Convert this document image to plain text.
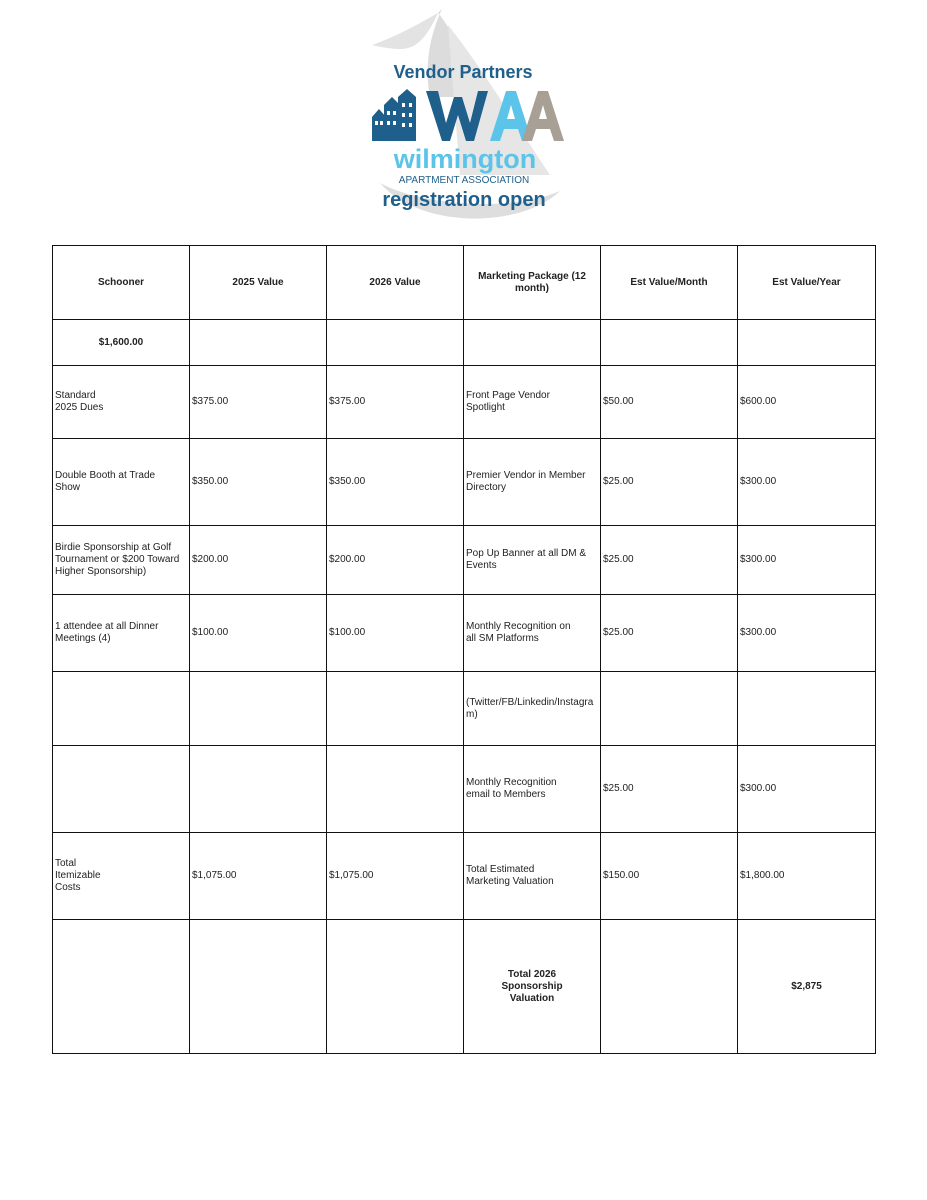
Vendor Partners
wilmington
APARTMENT ASSOCIATION
registration open
Schooner	2025 Value	2026 Value	Marketing Package (12 month)	Est Value/Month	Est Value/Year
$1,600.00					
Standard 2025 Dues	$375.00	$375.00	Front Page Vendor Spotlight	$50.00	$600.00
Double Booth at Trade Show	$350.00	$350.00	Premier Vendor in Member Directory	$25.00	$300.00
Birdie Sponsorship at Golf Tournament or $200 Toward Higher Sponsorship)	$200.00	$200.00	Pop Up Banner at all DM & Events	$25.00	$300.00
1 attendee at all Dinner Meetings (4)	$100.00	$100.00	Monthly Recognition on all SM Platforms	$25.00	$300.00
			(Twitter/FB/Linkedin/Instagram)		
			Monthly Recognition email to Members	$25.00	$300.00
Total Itemizable Costs	$1,075.00	$1,075.00	Total Estimated Marketing Valuation	$150.00	$1,800.00
			Total 2026 Sponsorship Valuation		$2,875
